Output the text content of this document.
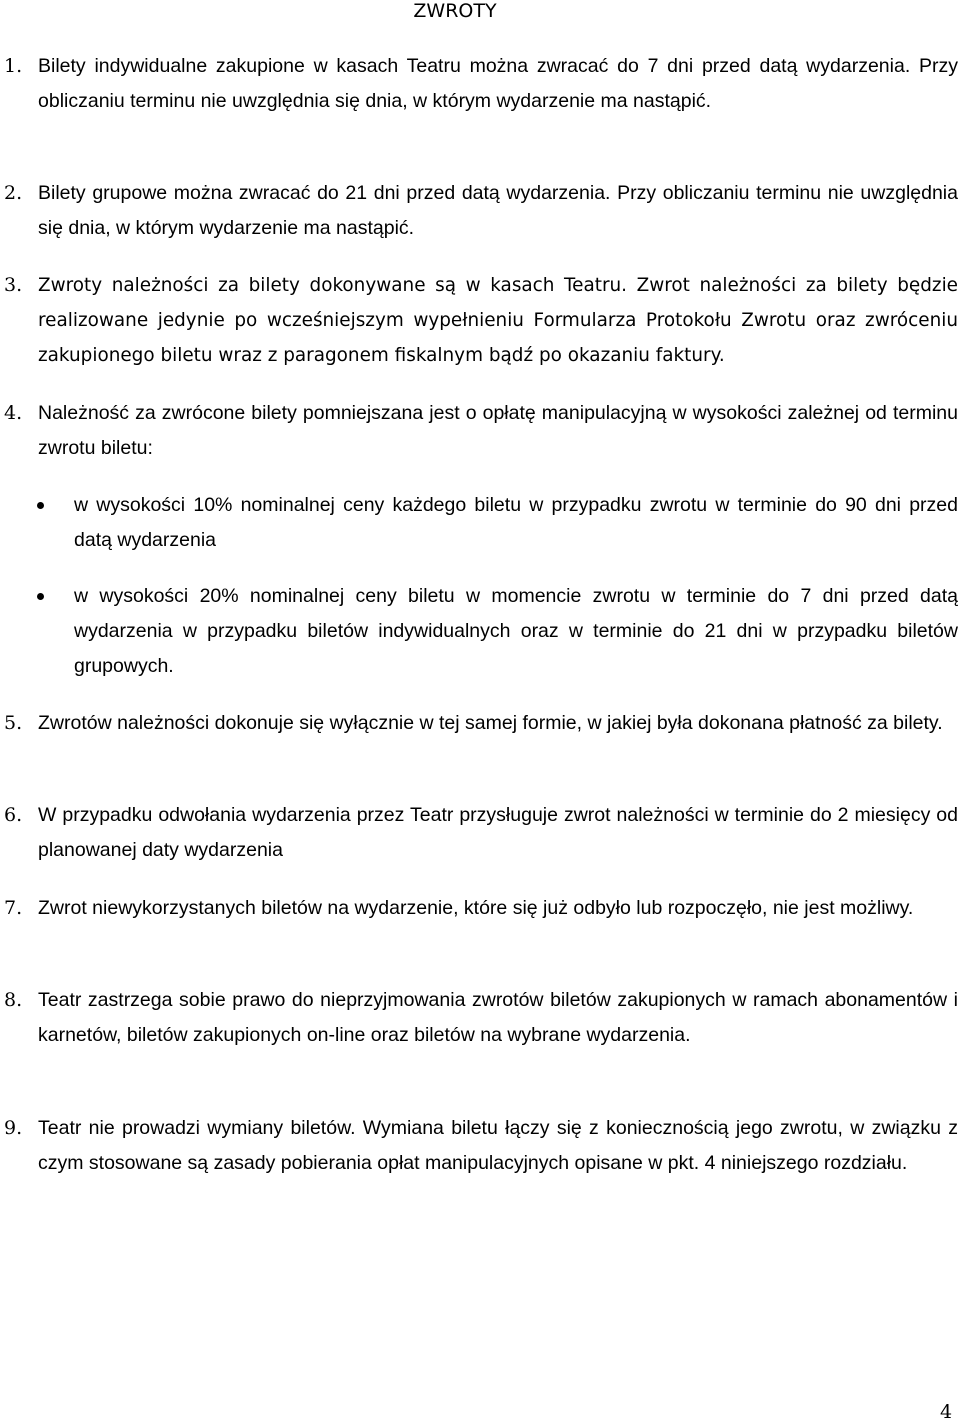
ZWROTY
1. Bilety indywidualne zakupione w kasach Teatru można zwracać do 7 dni przed datą wydarzenia. Przy obliczaniu terminu nie uwzględnia się dnia, w którym wydarzenie ma nastąpić.
2. Bilety grupowe można zwracać do 21 dni przed datą wydarzenia. Przy obliczaniu terminu nie uwzględnia się dnia, w którym wydarzenie ma nastąpić.
3. Zwroty należności za bilety dokonywane są w kasach Teatru. Zwrot należności za bilety będzie realizowane jedynie po wcześniejszym wypełnieniu Formularza Protokołu Zwrotu oraz zwróceniu zakupionego biletu wraz z paragonem fiskalnym bądź po okazaniu faktury.
4. Należność za zwrócone bilety pomniejszana jest o opłatę manipulacyjną w wysokości zależnej od terminu zwrotu biletu:
w wysokości 10% nominalnej ceny każdego biletu w przypadku zwrotu w terminie do 90 dni przed datą wydarzenia
w wysokości 20% nominalnej ceny biletu w momencie zwrotu w terminie do 7 dni przed datą wydarzenia w przypadku biletów indywidualnych oraz w terminie do 21 dni w przypadku biletów grupowych.
5. Zwrotów należności dokonuje się wyłącznie w tej samej formie, w jakiej była dokonana płatność za bilety.
6. W przypadku odwołania wydarzenia przez Teatr przysługuje zwrot należności w terminie do 2 miesięcy od planowanej daty wydarzenia
7. Zwrot niewykorzystanych biletów na wydarzenie, które się już odbyło lub rozpoczęło, nie jest możliwy.
8. Teatr zastrzega sobie prawo do nieprzyjmowania zwrotów biletów zakupionych w ramach abonamentów i karnetów, biletów zakupionych on-line oraz biletów na wybrane wydarzenia.
9. Teatr nie prowadzi wymiany biletów. Wymiana biletu łączy się z koniecznością jego zwrotu, w związku z czym stosowane są zasady pobierania opłat manipulacyjnych opisane w pkt. 4 niniejszego rozdziału.
4
